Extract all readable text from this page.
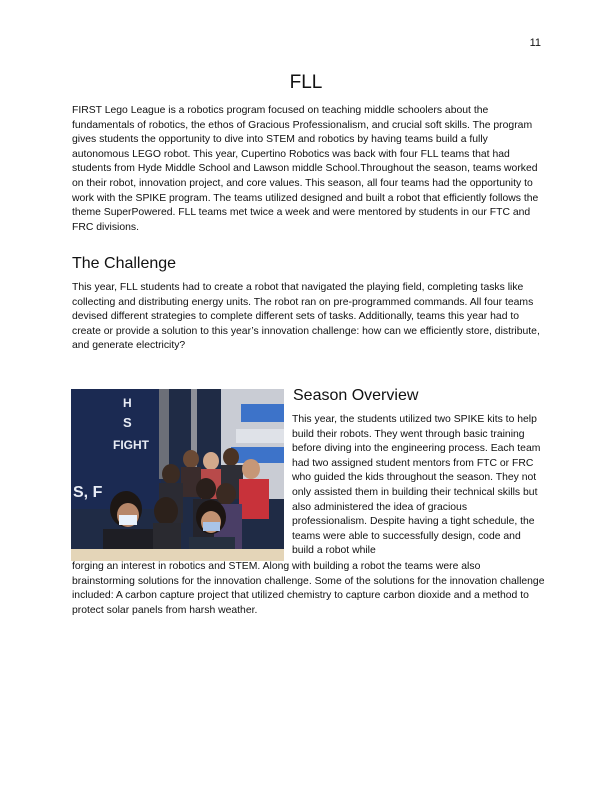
11
FLL

FIRST Lego League is a robotics program focused on teaching middle schoolers about the fundamentals of robotics, the ethos of Gracious Professionalism, and crucial soft skills. The program gives students the opportunity to dive into STEM and robotics by having teams build a fully autonomous LEGO robot. This year, Cupertino Robotics was back with four FLL teams that had students from Hyde Middle School and Lawson middle School.Throughout the season, teams worked on their robot, innovation project, and core values. This season, all four teams had the opportunity to work with the SPIKE program. The teams utilized designed and built a robot that efficiently follows the theme SuperPowered. FLL teams met twice a week and were mentored by students in our FTC and FRC divisions.

The Challenge

This year, FLL students had to create a robot that navigated the playing field, completing tasks like collecting and distributing energy units. The robot ran on pre-programmed commands. All four teams devised different strategies to complete different sets of tasks. Additionally, teams this year had to create or provide a solution to this year’s innovation challenge: how can we efficiently store, distribute, and generate electricity?

H
S
FIGHT
S, F
Season Overview

This year, the students utilized two SPIKE kits to help build their robots. They went through basic training before diving into the engineering process. Each team had two assigned student mentors from FTC or FRC who guided the kids throughout the season. They not only assisted them in building their technical skills but also administered the idea of gracious professionalism. Despite having a tight schedule, the teams were able to successfully design, code and build a robot while

forging an interest in robotics and STEM. Along with building a robot the teams were also brainstorming solutions for the innovation challenge. Some of the solutions for the innovation challenge included: A carbon capture project that utilized chemistry to capture carbon dioxide and a method to protect solar panels from harsh weather.
